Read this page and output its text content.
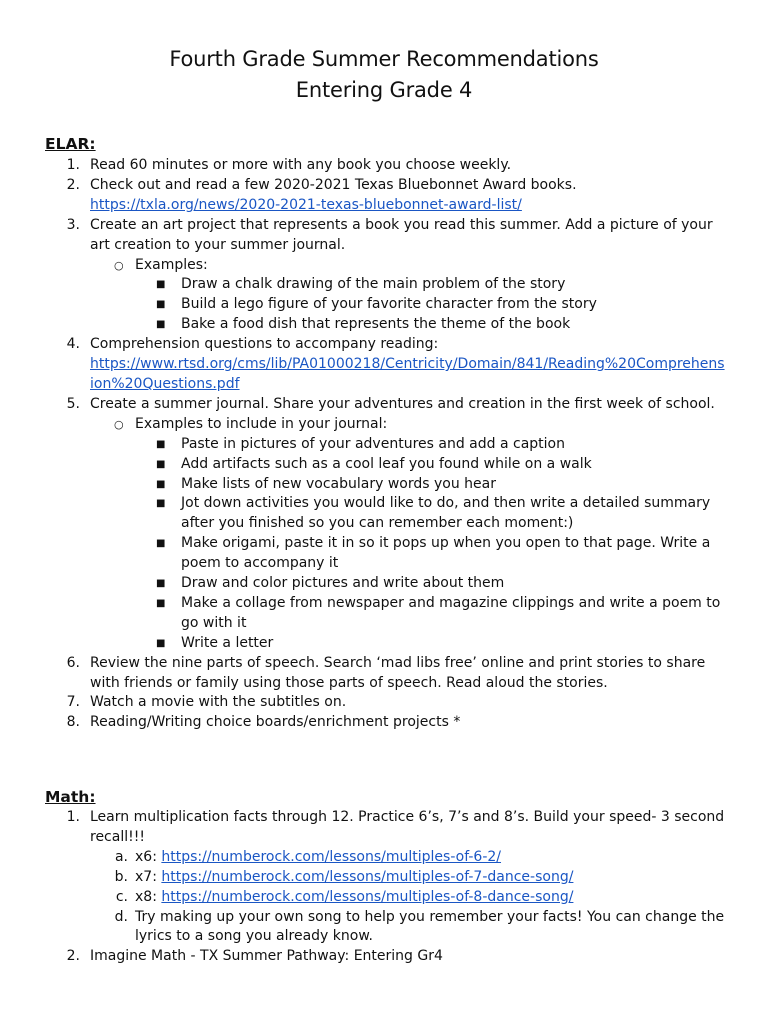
Fourth Grade Summer Recommendations
Entering Grade 4
ELAR:
1. Read 60 minutes or more with any book you choose weekly.
2. Check out and read a few 2020-2021 Texas Bluebonnet Award books.
https://txla.org/news/2020-2021-texas-bluebonnet-award-list/
3. Create an art project that represents a book you read this summer. Add a picture of your art creation to your summer journal.
○ Examples:
■	Draw a chalk drawing of the main problem of the story
■	Build a lego figure of your favorite character from the story
■	Bake a food dish that represents the theme of the book
4. Comprehension questions to accompany reading:
https://www.rtsd.org/cms/lib/PA01000218/Centricity/Domain/841/Reading%20Comprehension%20Questions.pdf
5. Create a summer journal. Share your adventures and creation in the first week of school.
○ Examples to include in your journal:
■	Paste in pictures of your adventures and add a caption
■	Add artifacts such as a cool leaf you found while on a walk
■	Make lists of new vocabulary words you hear
■	Jot down activities you would like to do, and then write a detailed summary after you finished so you can remember each moment:)
■	Make origami, paste it in so it pops up when you open to that page. Write a poem to accompany it
■	Draw and color pictures and write about them
■	Make a collage from newspaper and magazine clippings and write a poem to go with it
■	Write a letter
6. Review the nine parts of speech. Search ‘mad libs free’ online and print stories to share with friends or family using those parts of speech. Read aloud the stories.
7. Watch a movie with the subtitles on.
8. Reading/Writing choice boards/enrichment projects *
Math:
1. Learn multiplication facts through 12. Practice 6’s, 7’s and 8’s. Build your speed- 3 second recall!!!
a. x6: https://numberock.com/lessons/multiples-of-6-2/
b. x7: https://numberock.com/lessons/multiples-of-7-dance-song/
c. x8: https://numberock.com/lessons/multiples-of-8-dance-song/
d. Try making up your own song to help you remember your facts! You can change the lyrics to a song you already know.
2. Imagine Math - TX Summer Pathway: Entering Gr4
